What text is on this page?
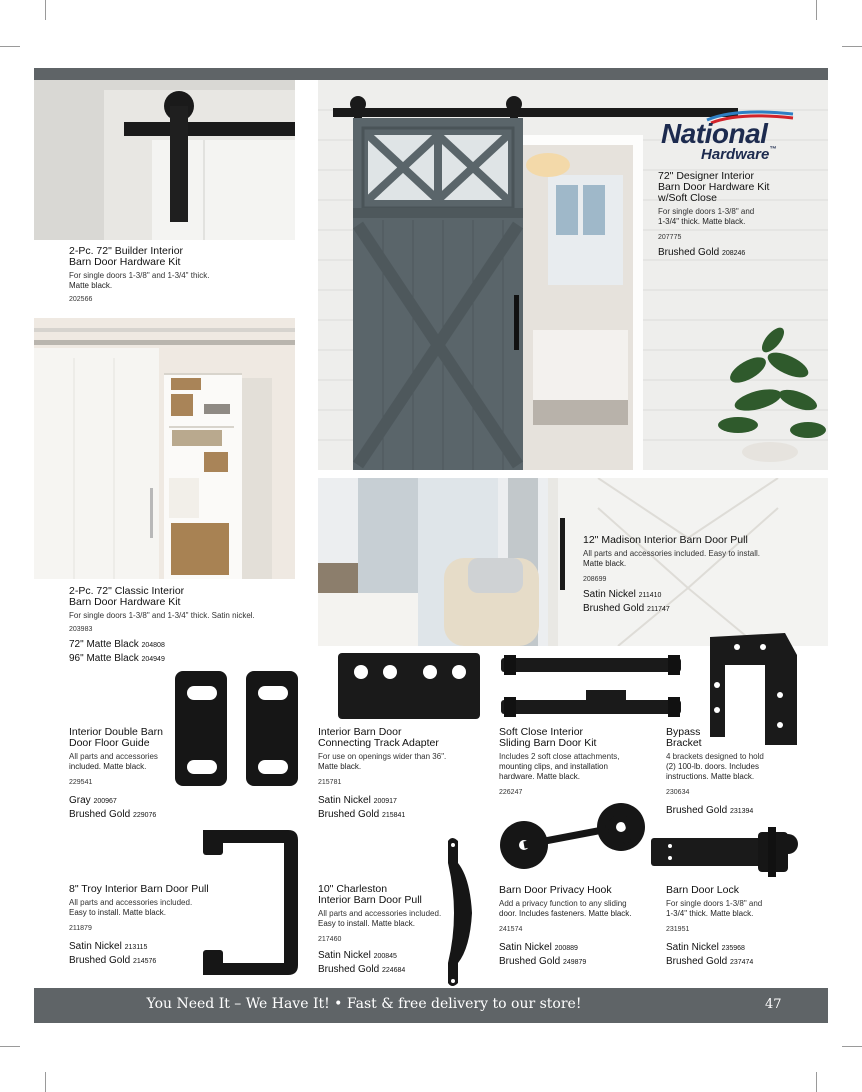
2-Pc. 72" Builder Interior
Barn Door Hardware Kit
For single doors 1-3/8" and 1-3/4" thick.
Matte black.
202566
2-Pc. 72" Classic Interior
Barn Door Hardware Kit
For single doors 1-3/8" and 1-3/4" thick. Satin nickel.
203983
72" Matte Black 204808
96" Matte Black 204949
National
Hardware™
72" Designer Interior
Barn Door Hardware Kit
w/Soft Close
For single doors 1-3/8" and
1-3/4" thick. Matte black.
207775
Brushed Gold 208246
12" Madison Interior Barn Door Pull
All parts and accessories included. Easy to install.
Matte black.
208699
Satin Nickel 211410
Brushed Gold 211747
Interior Double Barn
Door Floor Guide
All parts and accessories
included. Matte black.
229541
Gray 200967
Brushed Gold 229076
Interior Barn Door
Connecting Track Adapter
For use on openings wider than 36".
Matte black.
215781
Satin Nickel 200917
Brushed Gold 215841
Soft Close Interior
Sliding Barn Door Kit
Includes 2 soft close attachments,
mounting clips, and installation
hardware. Matte black.
226247
Bypass
Bracket
4 brackets designed to hold
(2) 100-lb. doors. Includes
instructions. Matte black.
230634
Brushed Gold 231394
8" Troy Interior Barn Door Pull
All parts and accessories included.
Easy to install. Matte black.
211879
Satin Nickel 213115
Brushed Gold 214576
10" Charleston
Interior Barn Door Pull
All parts and accessories included.
Easy to install. Matte black.
217460
Satin Nickel 200845
Brushed Gold 224684
Barn Door Privacy Hook
Add a privacy function to any sliding
door. Includes fasteners. Matte black.
241574
Satin Nickel 200889
Brushed Gold 249879
Barn Door Lock
For single doors 1-3/8" and
1-3/4" thick. Matte black.
231951
Satin Nickel 235968
Brushed Gold 237474
You Need It – We Have It! • Fast & free delivery to our store!	47
